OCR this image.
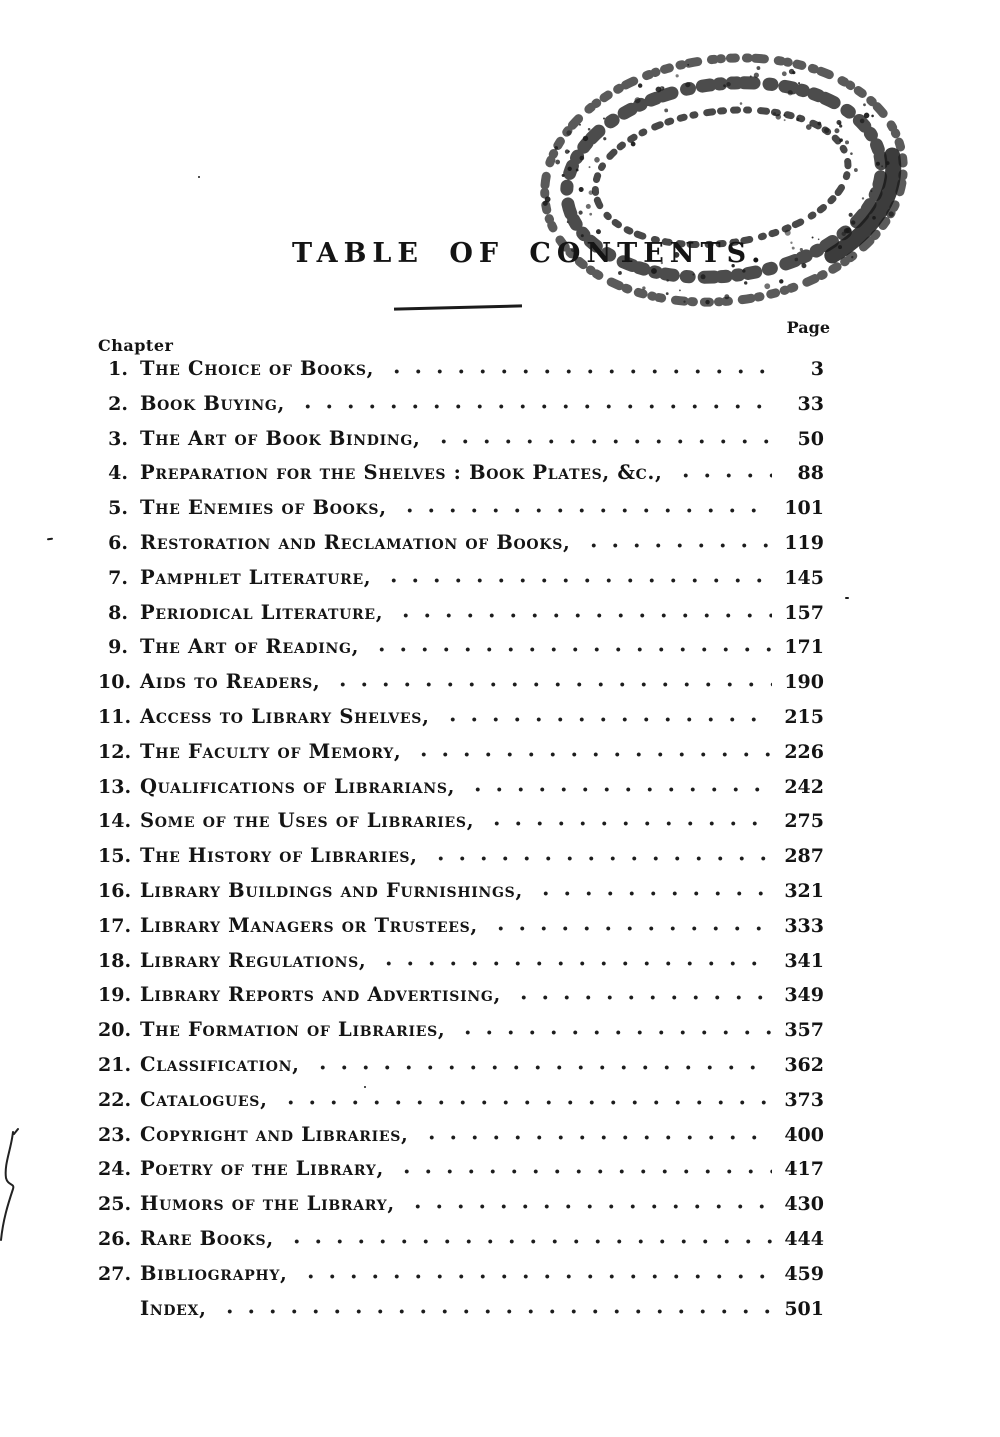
TABLE OF CONTENTS.
Chapter
Page
1. The Choice of Books,	3
2. Book Buying,	33
3. The Art of Book Binding,	50
4. Preparation for the Shelves : Book Plates, &c.,	88
5. The Enemies of Books,	101
6. Restoration and Reclamation of Books,	119
7. Pamphlet Literature,	145
8. Periodical Literature,	157
9. The Art of Reading,	171
10. Aids to Readers,	190
11. Access to Library Shelves,	215
12. The Faculty of Memory,	226
13. Qualifications of Librarians,	242
14. Some of the Uses of Libraries,	275
15. The History of Libraries,	287
16. Library Buildings and Furnishings,	321
17. Library Managers or Trustees,	333
18. Library Regulations,	341
19. Library Reports and Advertising,	349
20. The Formation of Libraries,	357
21. Classification,	362
22. Catalogues,	373
23. Copyright and Libraries,	400
24. Poetry of the Library,	417
25. Humors of the Library,	430
26. Rare Books,	444
27. Bibliography,	459
Index,	501
